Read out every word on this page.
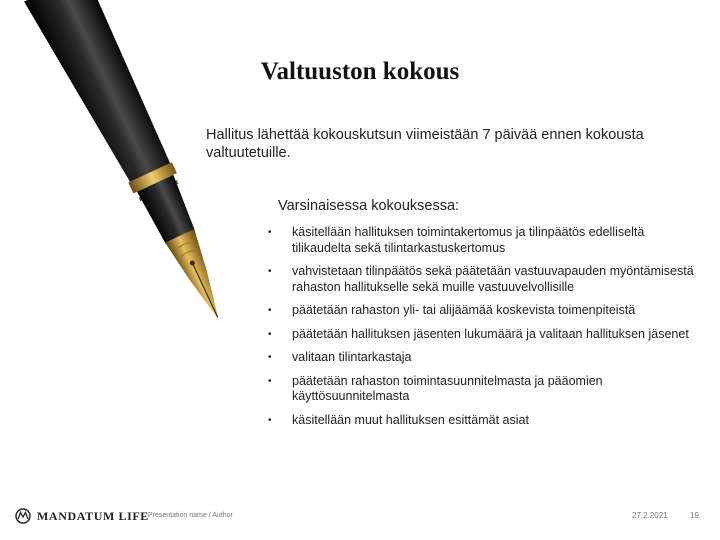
Valtuuston kokous
Hallitus lähettää kokouskutsun viimeistään 7 päivää ennen kokousta valtuutetuille.
Varsinaisessa kokouksessa:
• käsitellään hallituksen toimintakertomus ja tilinpäätös edelliseltä tilikaudelta sekä tilintarkastuskertomus
• vahvistetaan tilinpäätös sekä päätetään vastuuvapauden myöntämisestä rahaston hallitukselle sekä muille vastuuvelvollisille
• päätetään rahaston yli- tai alijäämää koskevista toimenpiteistä
• päätetään hallituksen jäsenten lukumäärä ja valitaan hallituksen jäsenet
• valitaan tilintarkastaja
• päätetään rahaston toimintasuunnitelmasta ja pääomien käyttösuunnitelmasta
• käsitellään muut hallituksen esittämät asiat
MANDATUM LIFE Presentation name / Author	27.2.2021	19
